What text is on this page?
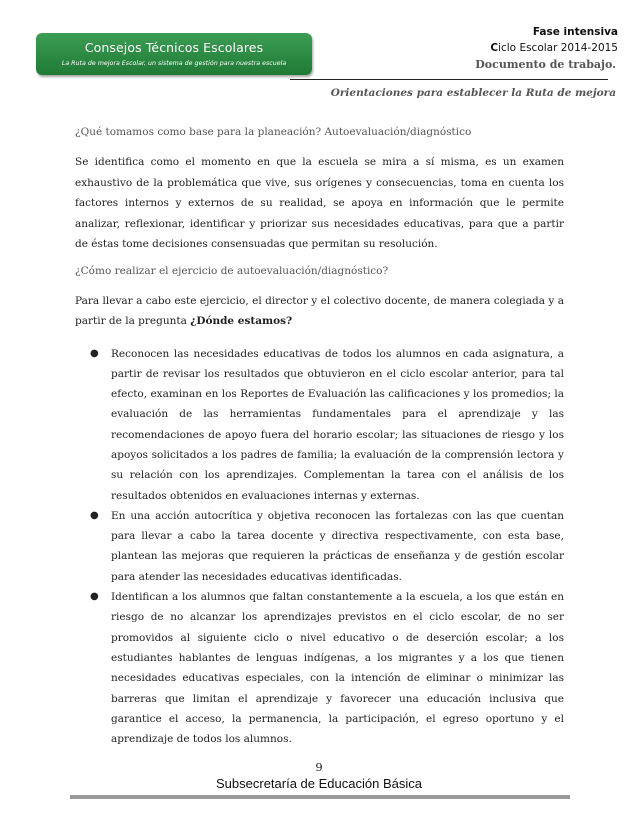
Consejos Técnicos Escolares
La Ruta de mejora Escolar, un sistema de gestión para nuestra escuela
Fase intensiva
Ciclo Escolar 2014-2015
Documento de trabajo.
Orientaciones para establecer la Ruta de mejora

¿Qué tomamos como base para la planeación? Autoevaluación/diagnóstico

Se identifica como el momento en que la escuela se mira a sí misma, es un examen exhaustivo de la problemática que vive, sus orígenes y consecuencias, toma en cuenta los factores internos y externos de su realidad, se apoya en información que le permite analizar, reflexionar, identificar y priorizar sus necesidades educativas, para que a partir de éstas tome decisiones consensuadas que permitan su resolución.

¿Cómo realizar el ejercicio de autoevaluación/diagnóstico?

Para llevar a cabo este ejercicio, el director y el colectivo docente, de manera colegiada y a partir de la pregunta ¿Dónde estamos?

● Reconocen las necesidades educativas de todos los alumnos en cada asignatura, a partir de revisar los resultados que obtuvieron en el ciclo escolar anterior, para tal efecto, examinan en los Reportes de Evaluación las calificaciones y los promedios; la evaluación de las herramientas fundamentales para el aprendizaje y las recomendaciones de apoyo fuera del horario escolar; las situaciones de riesgo y los apoyos solicitados a los padres de familia; la evaluación de la comprensión lectora y su relación con los aprendizajes. Complementan la tarea con el análisis de los resultados obtenidos en evaluaciones internas y externas.
● En una acción autocrítica y objetiva reconocen las fortalezas con las que cuentan para llevar a cabo la tarea docente y directiva respectivamente, con esta base, plantean las mejoras que requieren la prácticas de enseñanza y de gestión escolar para atender las necesidades educativas identificadas.
● Identifican a los alumnos que faltan constantemente a la escuela, a los que están en riesgo de no alcanzar los aprendizajes previstos en el ciclo escolar, de no ser promovidos al siguiente ciclo o nivel educativo o de deserción escolar; a los estudiantes hablantes de lenguas indígenas, a los migrantes y a los que tienen necesidades educativas especiales, con la intención de eliminar o minimizar las barreras que limitan el aprendizaje y favorecer una educación inclusiva que garantice el acceso, la permanencia, la participación, el egreso oportuno y el aprendizaje de todos los alumnos.
9
Subsecretaría de Educación Básica
